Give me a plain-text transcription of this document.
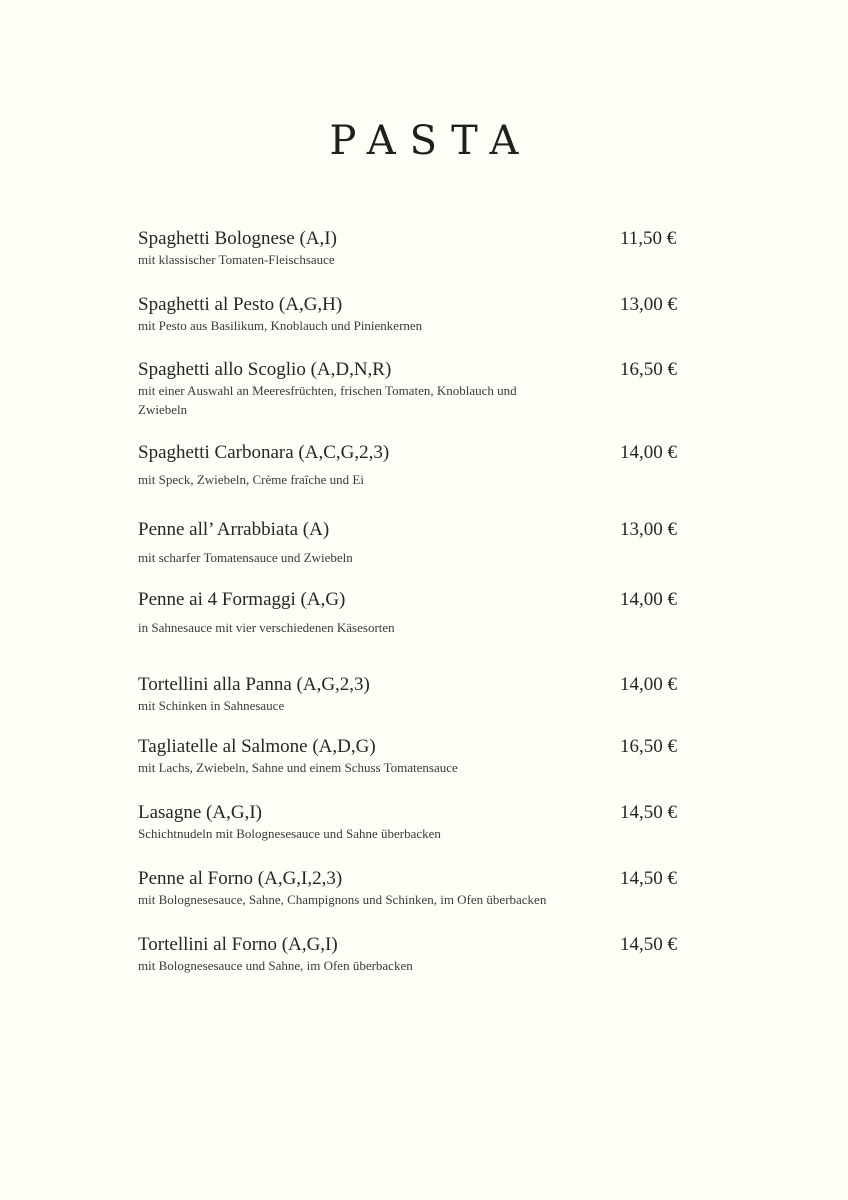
PASTA
Spaghetti Bolognese (A,I)	11,50 €
mit klassischer Tomaten-Fleischsauce
Spaghetti al Pesto (A,G,H)	13,00 €
mit Pesto aus Basilikum, Knoblauch und Pinienkernen
Spaghetti allo Scoglio (A,D,N,R)	16,50 €
mit einer Auswahl an Meeresfrüchten, frischen Tomaten, Knoblauch und Zwiebeln
Spaghetti Carbonara (A,C,G,2,3)	14,00 €
mit Speck, Zwiebeln, Crème fraîche und Ei
Penne all’ Arrabbiata (A)	13,00 €
mit scharfer Tomatensauce und Zwiebeln
Penne ai 4 Formaggi (A,G)	14,00 €
in Sahnesauce mit vier verschiedenen Käsesorten
Tortellini alla Panna (A,G,2,3)	14,00 €
mit Schinken in Sahnesauce
Tagliatelle al Salmone (A,D,G)	16,50 €
mit Lachs, Zwiebeln, Sahne und einem Schuss Tomatensauce
Lasagne (A,G,I)	14,50 €
Schichtnudeln mit Bolognesesauce und Sahne überbacken
Penne al Forno (A,G,I,2,3)	14,50 €
mit Bolognesesauce, Sahne, Champignons und Schinken, im Ofen überbacken
Tortellini al Forno (A,G,I)	14,50 €
mit Bolognesesauce und Sahne, im Ofen überbacken
